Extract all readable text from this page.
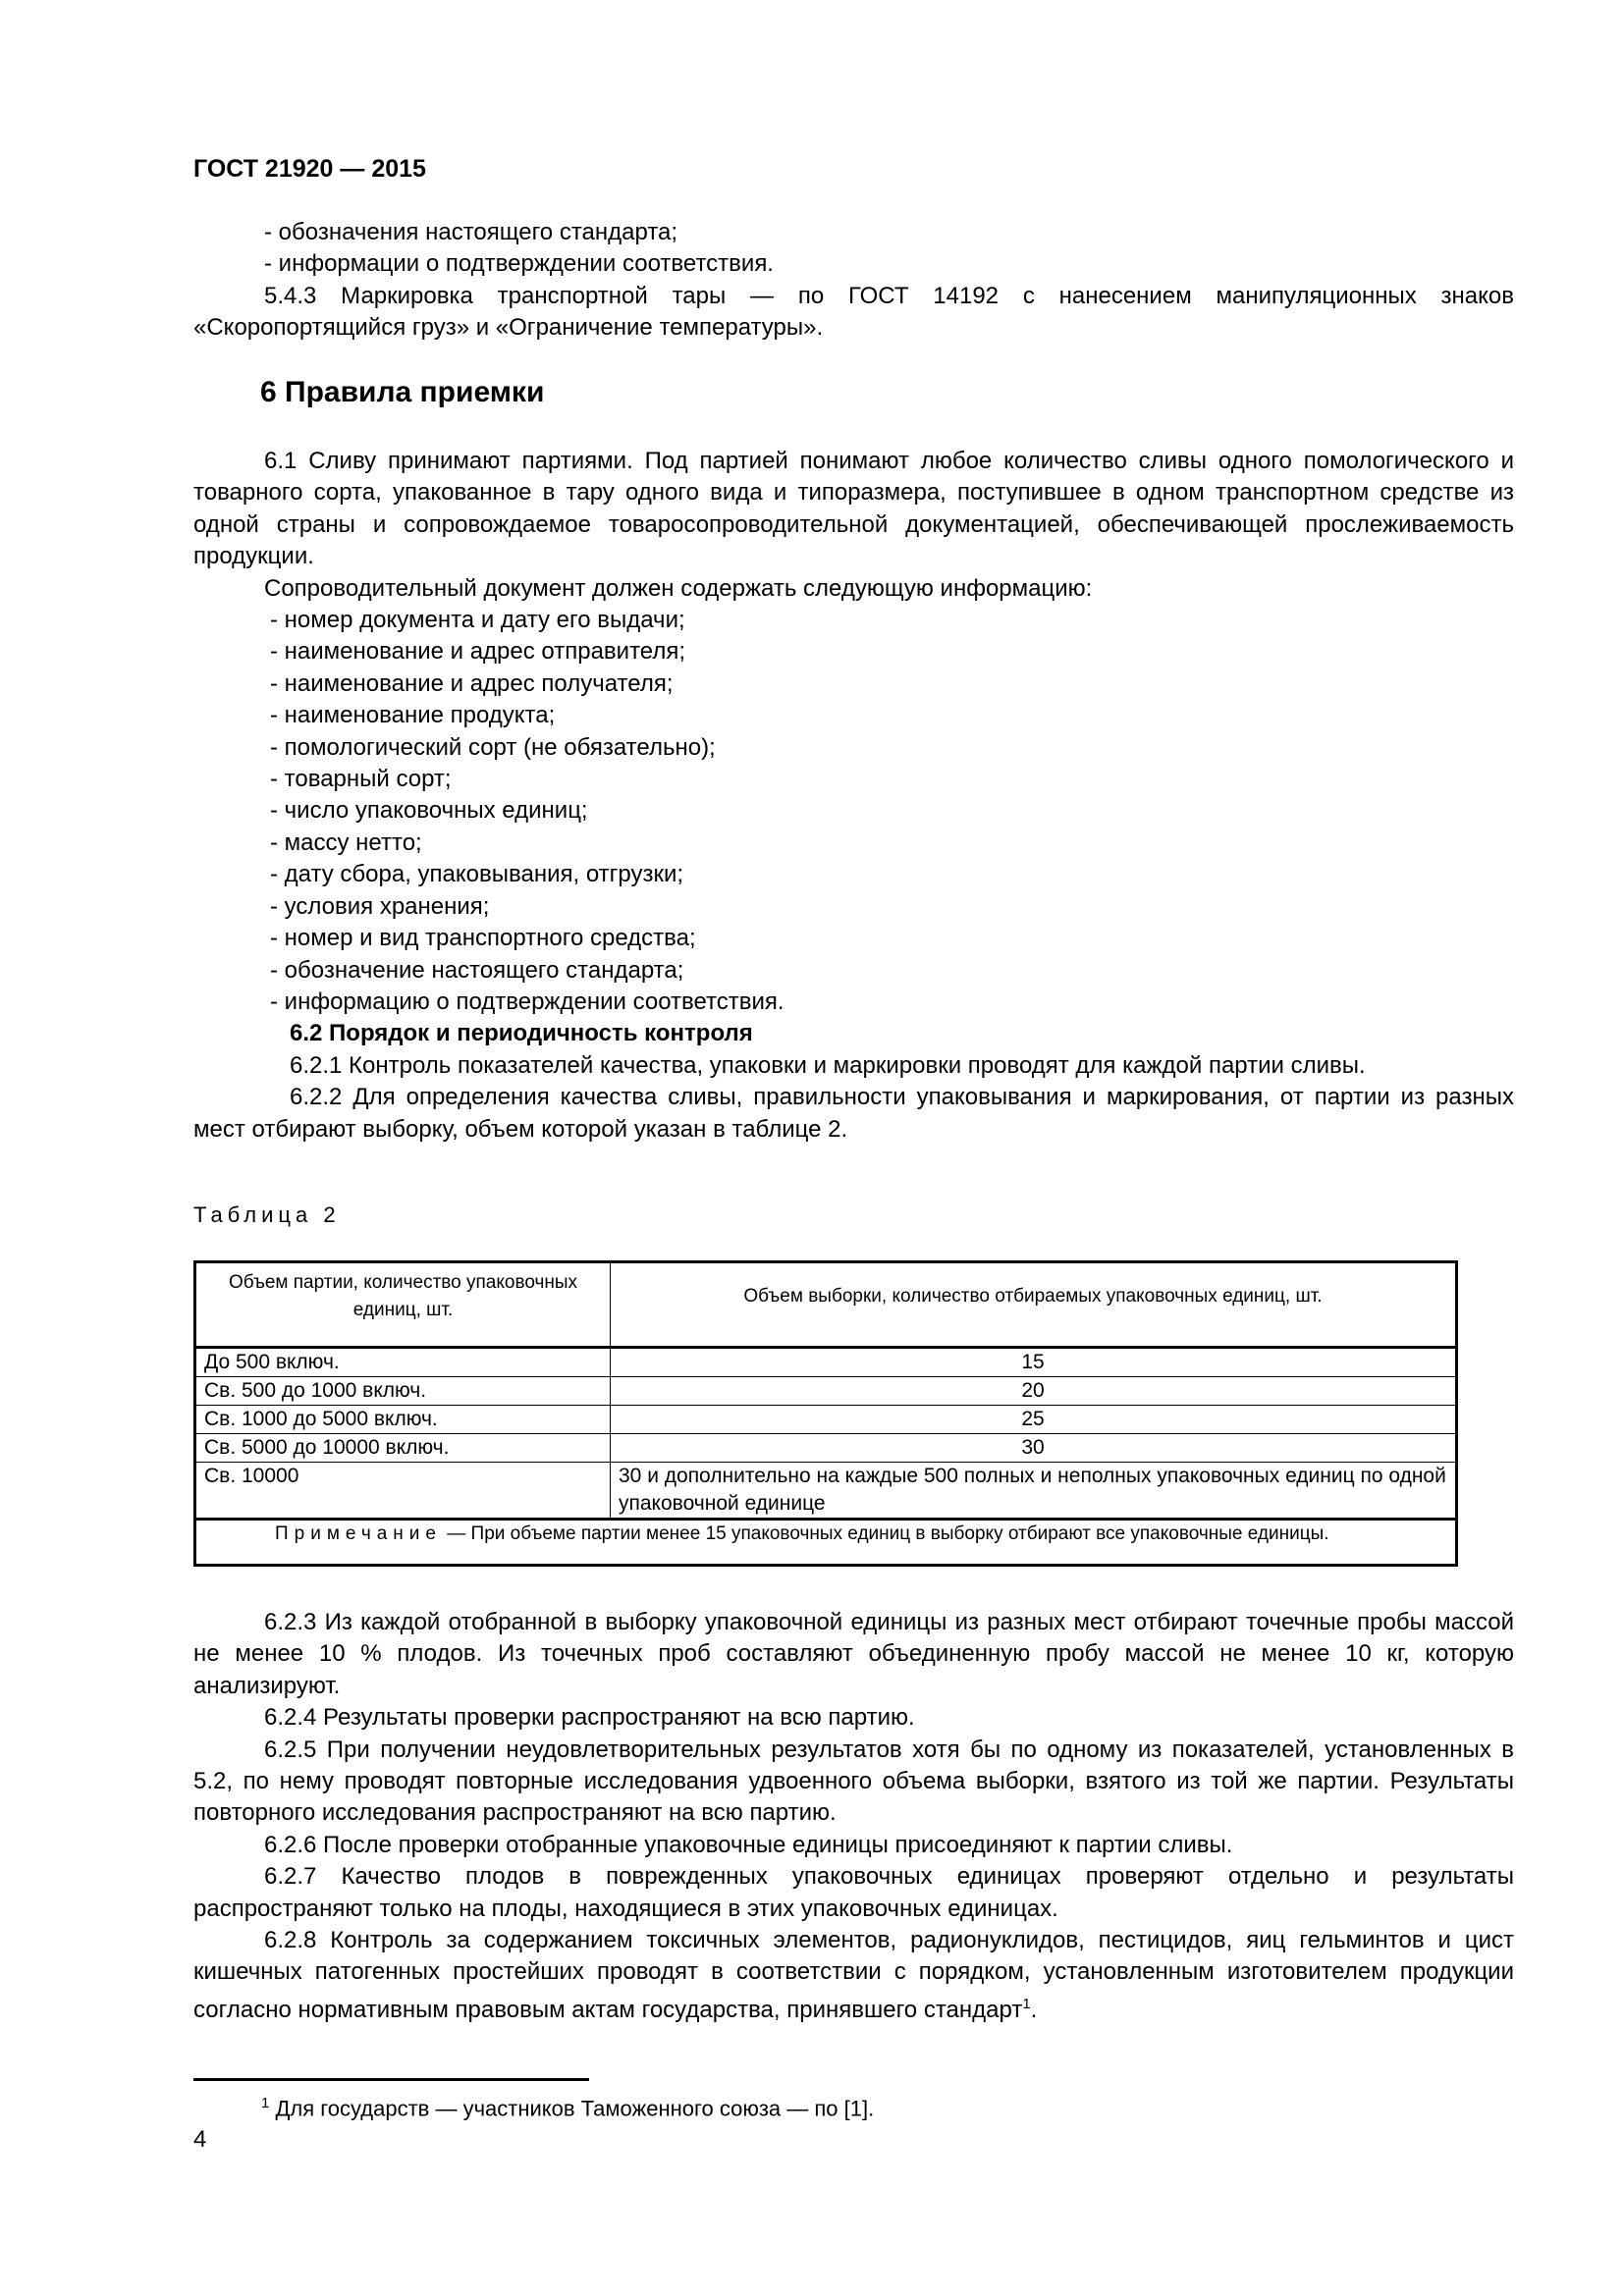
ГОСТ 21920 — 2015

- обозначения настоящего стандарта;

- информации о подтверждении соответствия.

5.4.3 Маркировка транспортной тары — по ГОСТ 14192 с нанесением манипуляционных знаков «Скоропортящийся груз» и «Ограничение температуры».

6 Правила приемки

6.1 Сливу принимают партиями. Под партией понимают любое количество сливы одного помологического и товарного сорта, упакованное в тару одного вида и типоразмера, поступившее в одном транспортном средстве из одной страны и сопровождаемое товаросопроводительной документацией, обеспечивающей прослеживаемость продукции.

Сопроводительный документ должен содержать следующую информацию:

- номер документа и дату его выдачи;

- наименование и адрес отправителя;

- наименование и адрес получателя;

- наименование продукта;

- помологический сорт (не обязательно);

- товарный сорт;

- число упаковочных единиц;

- массу нетто;

- дату сбора, упаковывания, отгрузки;

- условия хранения;

- номер и вид транспортного средства;

- обозначение настоящего стандарта;

- информацию о подтверждении соответствия.

6.2 Порядок и периодичность контроля

6.2.1 Контроль показателей качества, упаковки и маркировки проводят для каждой партии сливы.

6.2.2 Для определения качества сливы, правильности упаковывания и маркирования, от партии из разных мест отбирают выборку, объем которой указан в таблице 2.

Таблица 2
Объем партии, количество упаковочных единиц, шт.	Объем выборки, количество отбираемых упаковочных единиц, шт.
До 500 включ.	15
Св. 500 до 1000 включ.	20
Св. 1000 до 5000 включ.	25
Св. 5000 до 10000 включ.	30
Св. 10000	30 и дополнительно на каждые 500 полных и неполных упаковочных единиц по одной упаковочной единице
Примечание — При объеме партии менее 15 упаковочных единиц в выборку отбирают все упаковочные единицы.	

6.2.3 Из каждой отобранной в выборку упаковочной единицы из разных мест отбирают точечные пробы массой не менее 10 % плодов. Из точечных проб составляют объединенную пробу массой не менее 10 кг, которую анализируют.

6.2.4 Результаты проверки распространяют на всю партию.

6.2.5 При получении неудовлетворительных результатов хотя бы по одному из показателей, установленных в 5.2, по нему проводят повторные исследования удвоенного объема выборки, взятого из той же партии. Результаты повторного исследования распространяют на всю партию.

6.2.6 После проверки отобранные упаковочные единицы присоединяют к партии сливы.

6.2.7 Качество плодов в поврежденных упаковочных единицах проверяют отдельно и результаты распространяют только на плоды, находящиеся в этих упаковочных единицах.

6.2.8 Контроль за содержанием токсичных элементов, радионуклидов, пестицидов, яиц гельминтов и цист кишечных патогенных простейших проводят в соответствии с порядком, установленным изготовителем продукции согласно нормативным правовым актам государства, принявшего стандарт$^1$.

$^1$ Для государств — участников Таможенного союза — по [1].
4
